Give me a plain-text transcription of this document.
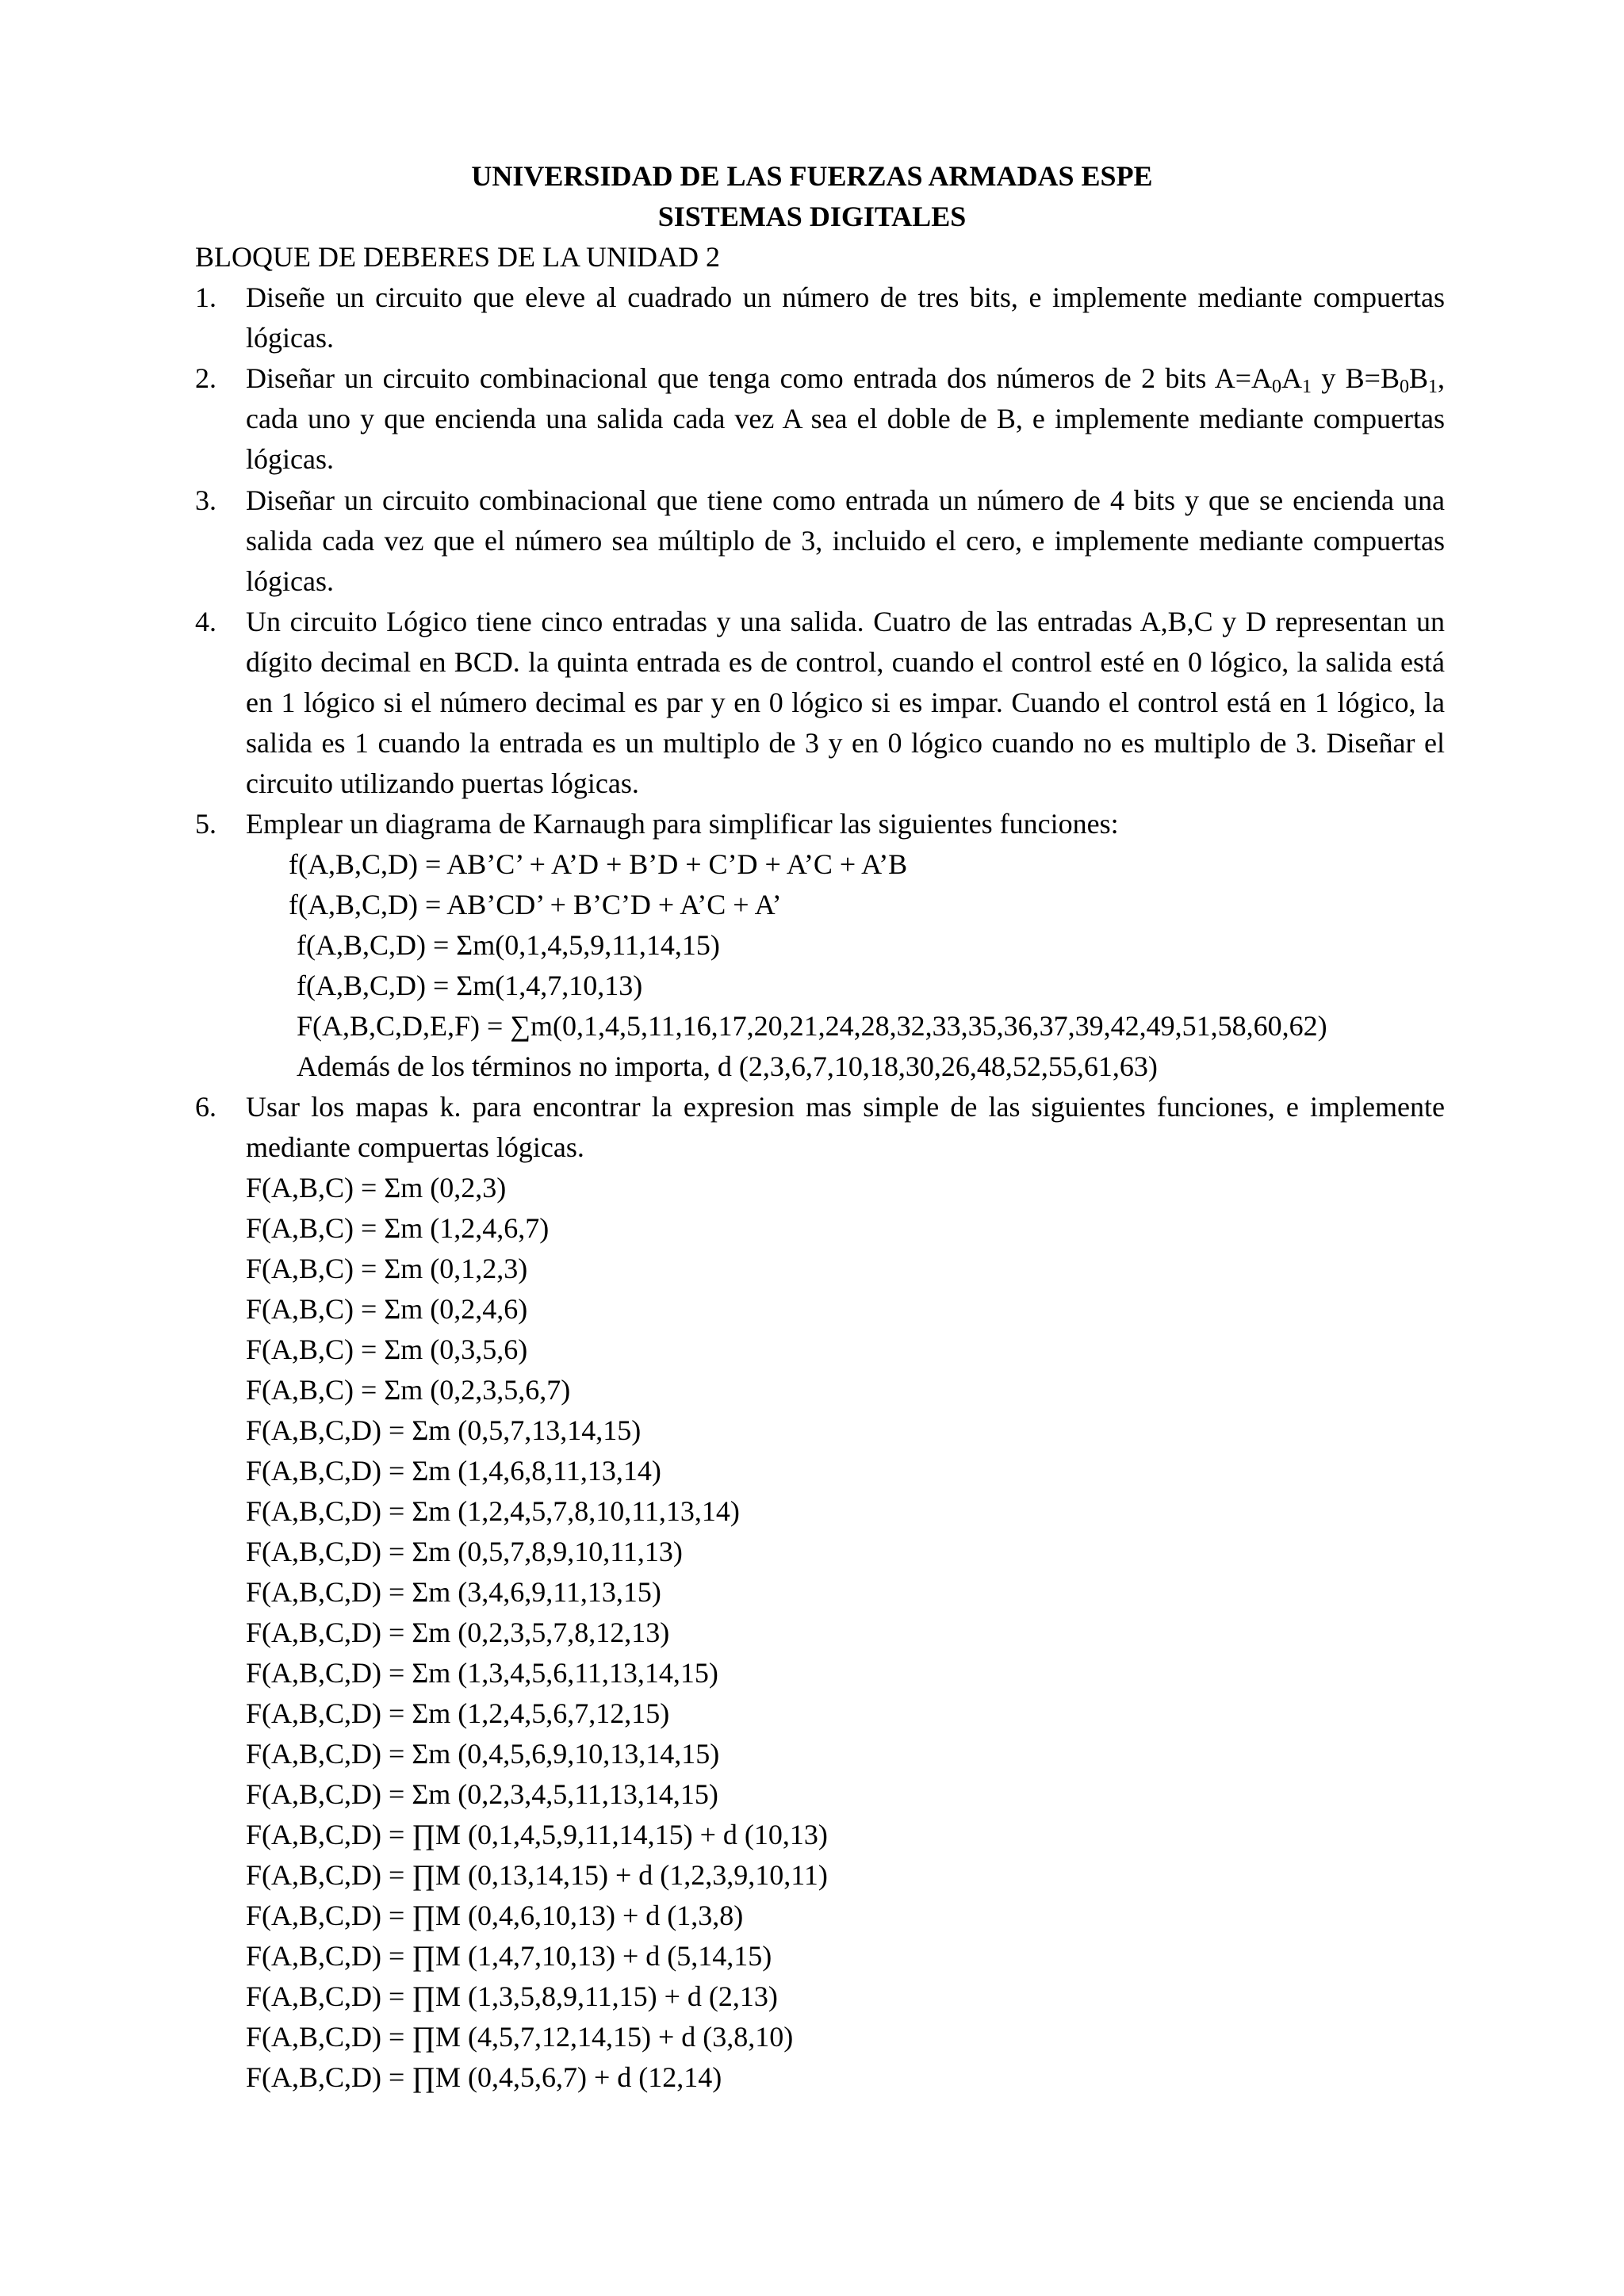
UNIVERSIDAD DE LAS FUERZAS ARMADAS ESPE
SISTEMAS DIGITALES
BLOQUE DE DEBERES DE LA UNIDAD 2
1. Diseñe un circuito que eleve al cuadrado un número de tres bits, e implemente mediante compuertas
lógicas.
2. Diseñar un circuito combinacional que tenga como entrada dos números de 2 bits $A=A_0A_1$ y $B=B_0B_1$,
cada uno y que encienda una salida cada vez A sea el doble de B, e implemente mediante compuertas
lógicas.
3. Diseñar un circuito combinacional que tiene como entrada un número de 4 bits y que se encienda una
salida cada vez que el número sea múltiplo de 3, incluido el cero, e implemente mediante compuertas
lógicas.
4. Un circuito Lógico tiene cinco entradas y una salida. Cuatro de las entradas A,B,C y D representan un
dígito decimal en BCD. la quinta entrada es de control, cuando el control esté en 0 lógico, la salida está
en 1 lógico si el número decimal es par y en 0 lógico si es impar. Cuando el control está en 1 lógico, la
salida es 1 cuando la entrada es un multiplo de 3 y en 0 lógico cuando no es multiplo de 3. Diseñar el
circuito utilizando puertas lógicas.
5. Emplear un diagrama de Karnaugh para simplificar las siguientes funciones:
f(A,B,C,D) = AB’C’ + A’D + B’D + C’D + A’C + A’B
f(A,B,C,D) = AB’CD’ + B’C’D + A’C + A’
f(A,B,C,D) = Σm(0,1,4,5,9,11,14,15)
f(A,B,C,D) = Σm(1,4,7,10,13)
F(A,B,C,D,E,F) = ∑m(0,1,4,5,11,16,17,20,21,24,28,32,33,35,36,37,39,42,49,51,58,60,62)
Además de los términos no importa, d (2,3,6,7,10,18,30,26,48,52,55,61,63)
6. Usar los mapas k. para encontrar la expresion mas simple de las siguientes funciones, e implemente
mediante compuertas lógicas.
F(A,B,C) = Σm (0,2,3)
F(A,B,C) = Σm (1,2,4,6,7)
F(A,B,C) = Σm (0,1,2,3)
F(A,B,C) = Σm (0,2,4,6)
F(A,B,C) = Σm (0,3,5,6)
F(A,B,C) = Σm (0,2,3,5,6,7)
F(A,B,C,D) = Σm (0,5,7,13,14,15)
F(A,B,C,D) = Σm (1,4,6,8,11,13,14)
F(A,B,C,D) = Σm (1,2,4,5,7,8,10,11,13,14)
F(A,B,C,D) = Σm (0,5,7,8,9,10,11,13)
F(A,B,C,D) = Σm (3,4,6,9,11,13,15)
F(A,B,C,D) = Σm (0,2,3,5,7,8,12,13)
F(A,B,C,D) = Σm (1,3,4,5,6,11,13,14,15)
F(A,B,C,D) = Σm (1,2,4,5,6,7,12,15)
F(A,B,C,D) = Σm (0,4,5,6,9,10,13,14,15)
F(A,B,C,D) = Σm (0,2,3,4,5,11,13,14,15)
F(A,B,C,D) = ∏M (0,1,4,5,9,11,14,15) + d (10,13)
F(A,B,C,D) = ∏M (0,13,14,15) + d (1,2,3,9,10,11)
F(A,B,C,D) = ∏M (0,4,6,10,13) + d (1,3,8)
F(A,B,C,D) = ∏M (1,4,7,10,13) + d (5,14,15)
F(A,B,C,D) = ∏M (1,3,5,8,9,11,15) + d (2,13)
F(A,B,C,D) = ∏M (4,5,7,12,14,15) + d (3,8,10)
F(A,B,C,D) = ∏M (0,4,5,6,7) + d (12,14)
